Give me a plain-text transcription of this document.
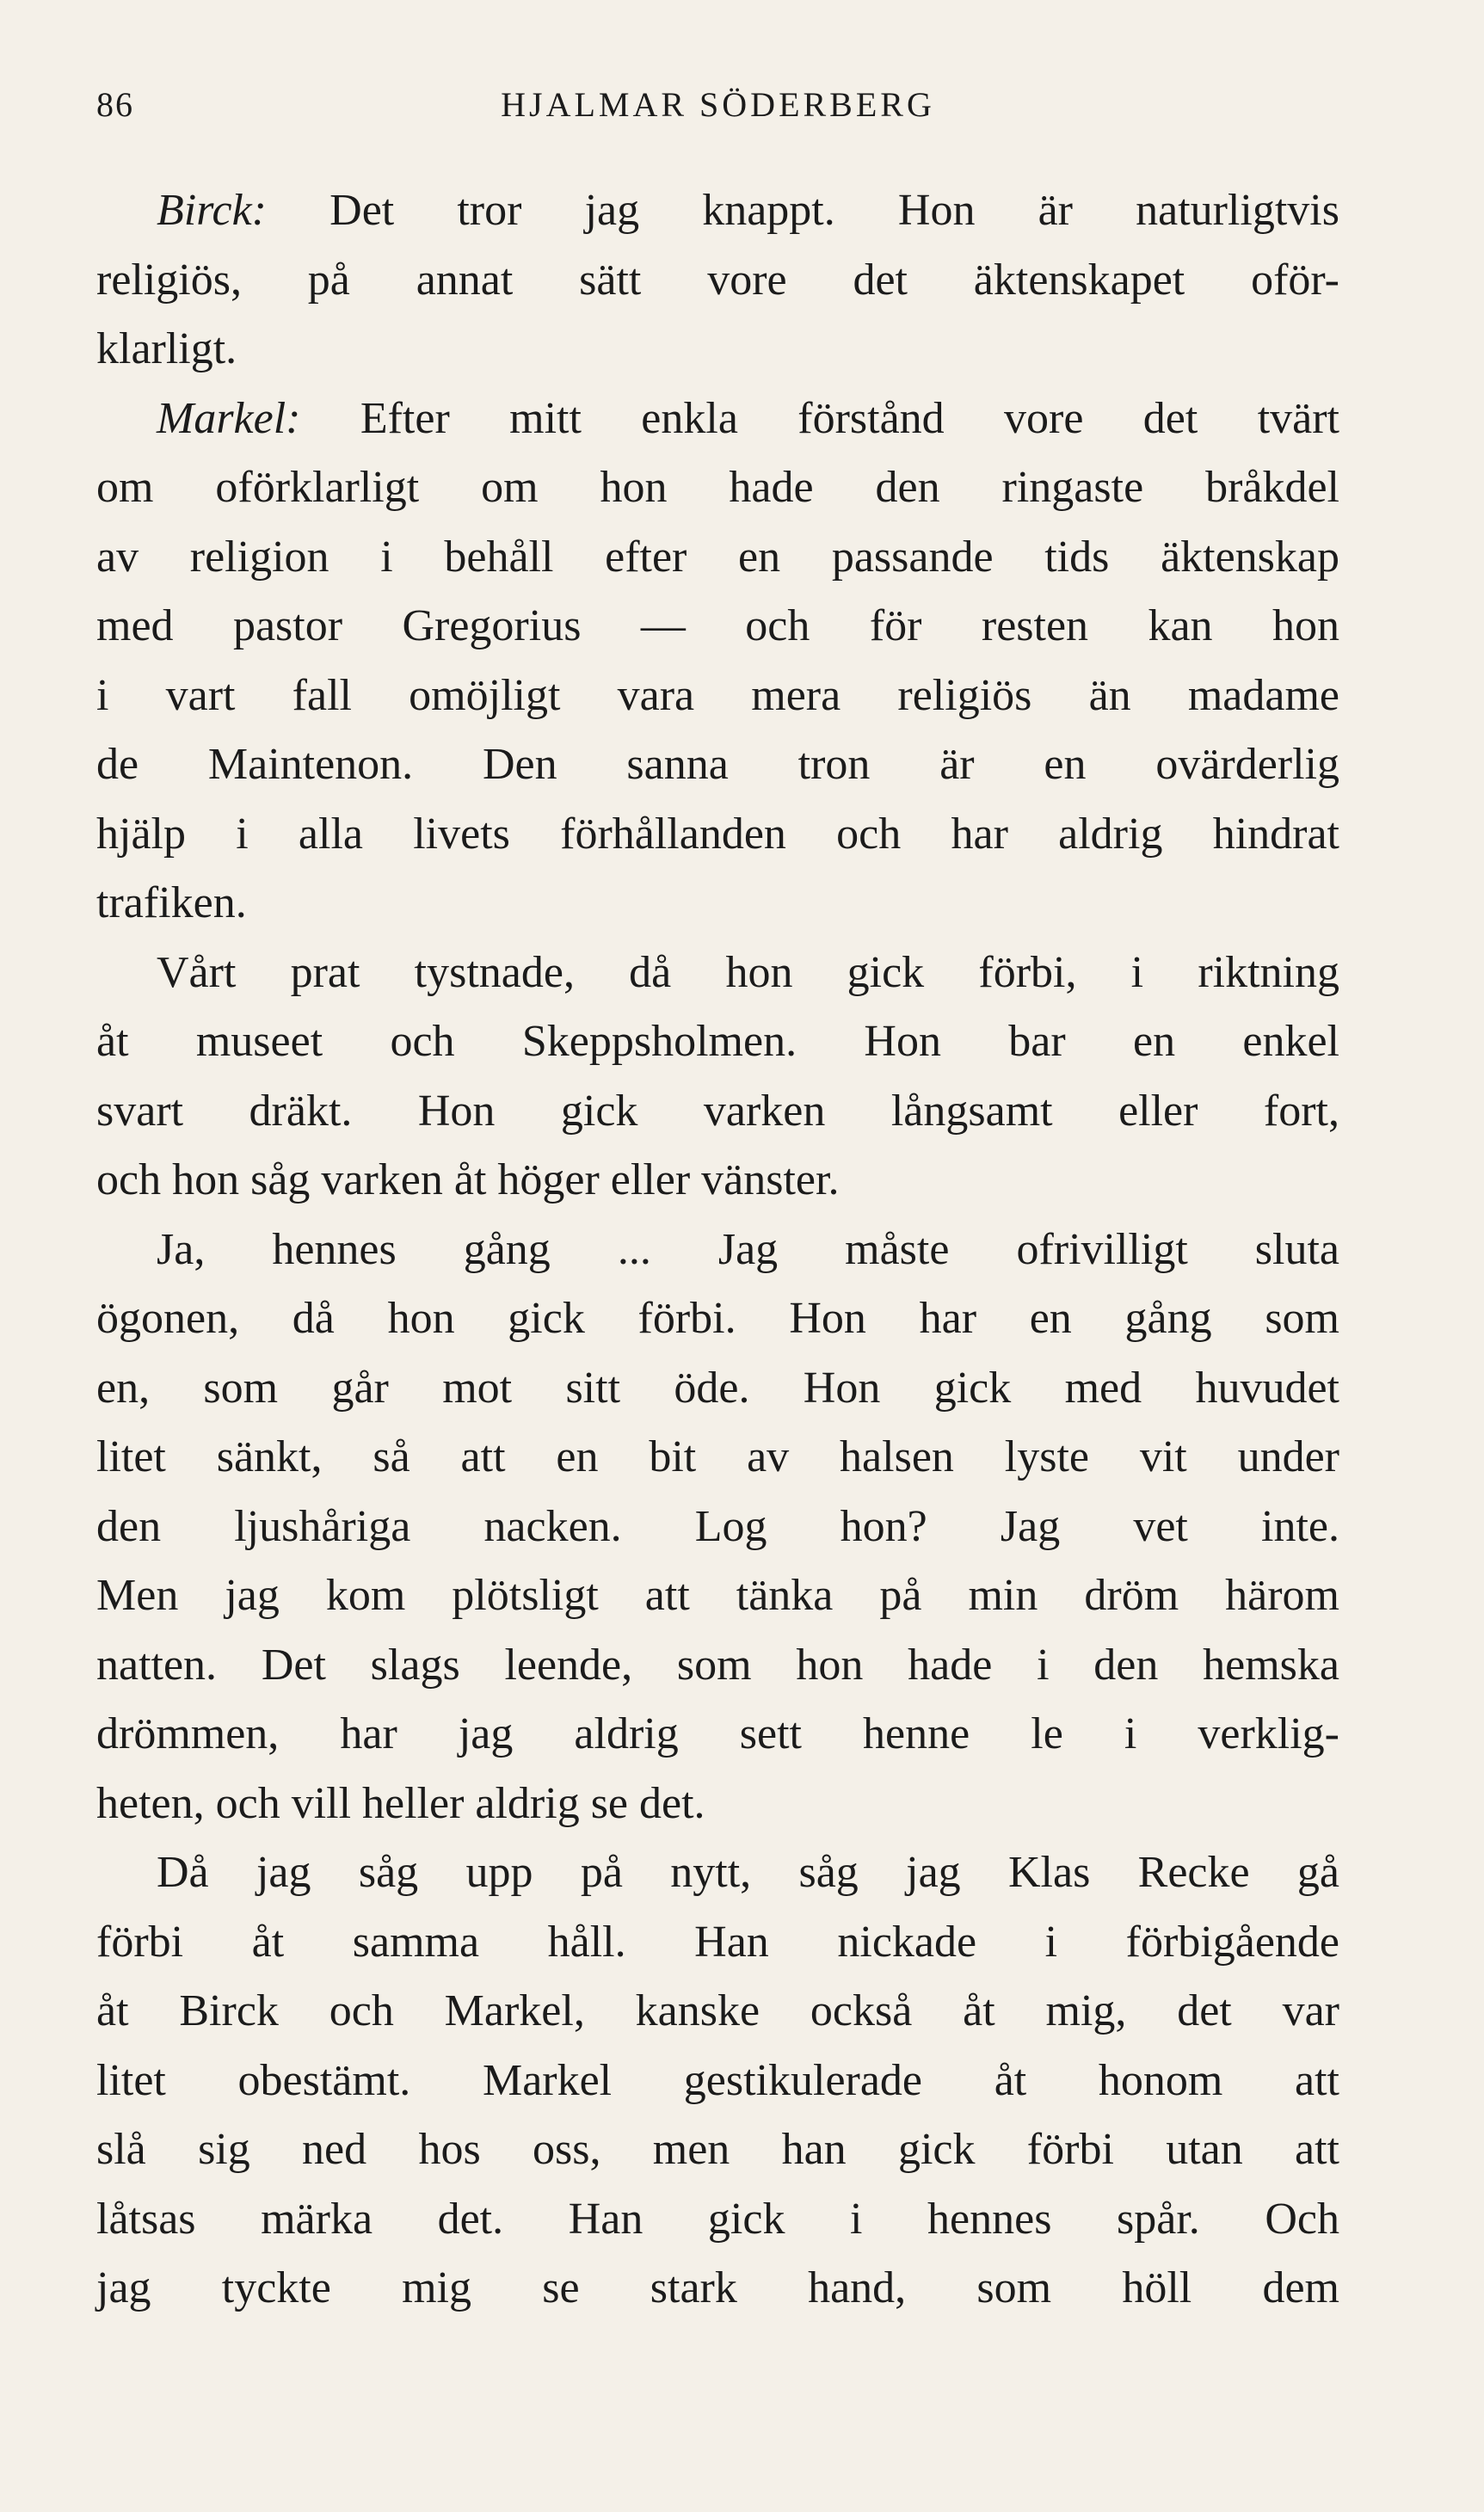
86	HJALMAR SÖDERBERG
Birck: Det tror jag knappt. Hon är naturligtvis
religiös, på annat sätt vore det äktenskapet oför-
klarligt.
Markel: Efter mitt enkla förstånd vore det tvärt
om oförklarligt om hon hade den ringaste bråkdel
av religion i behåll efter en passande tids äktenskap
med pastor Gregorius — och för resten kan hon
i vart fall omöjligt vara mera religiös än madame
de Maintenon. Den sanna tron är en ovärderlig
hjälp i alla livets förhållanden och har aldrig hindrat
trafiken.
Vårt prat tystnade, då hon gick förbi, i riktning
åt museet och Skeppsholmen. Hon bar en enkel
svart dräkt. Hon gick varken långsamt eller fort,
och hon såg varken åt höger eller vänster.
Ja, hennes gång ... Jag måste ofrivilligt sluta
ögonen, då hon gick förbi. Hon har en gång som
en, som går mot sitt öde. Hon gick med huvudet
litet sänkt, så att en bit av halsen lyste vit under
den ljushåriga nacken. Log hon? Jag vet inte.
Men jag kom plötsligt att tänka på min dröm härom
natten. Det slags leende, som hon hade i den hemska
drömmen, har jag aldrig sett henne le i verklig-
heten, och vill heller aldrig se det.
Då jag såg upp på nytt, såg jag Klas Recke gå
förbi åt samma håll. Han nickade i förbigående
åt Birck och Markel, kanske också åt mig, det var
litet obestämt. Markel gestikulerade åt honom att
slå sig ned hos oss, men han gick förbi utan att
låtsas märka det. Han gick i hennes spår. Och
jag tyckte mig se stark hand, som höll dem
